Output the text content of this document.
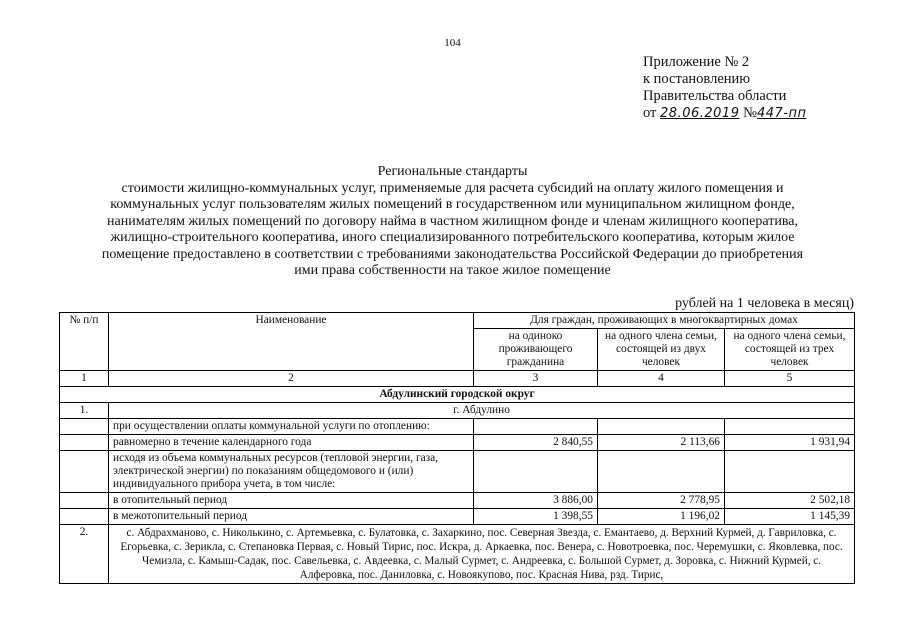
104
Приложение № 2
к постановлению
Правительства области
от 28.06.2019 №447-пп
Региональные стандарты
стоимости жилищно-коммунальных услуг, применяемые для расчета субсидий на оплату жилого помещения и
коммунальных услуг пользователям жилых помещений в государственном или муниципальном жилищном фонде,
нанимателям жилых помещений по договору найма в частном жилищном фонде и членам жилищного кооператива,
жилищно-строительного кооператива, иного специализированного потребительского кооператива, которым жилое
помещение предоставлено в соответствии с требованиями законодательства Российской Федерации до приобретения
ими права собственности на такое жилое помещение
рублей на 1 человека в месяц)
№ п/п	Наименование	Для граждан, проживающих в многоквартирных домах		
		на одиноко проживающего гражданина	на одного члена семьи, состоящей из двух человек	на одного члена семьи, состоящей из трех человек
1	2	3	4	5
Абдулинский городской округ				
1.	г. Абдулино			
	при осуществлении оплаты коммунальной услуги по отоплению:			
	равномерно в течение календарного года	2 840,55	2 113,66	1 931,94
	исходя из объема коммунальных ресурсов (тепловой энергии, газа, электрической энергии) по показаниям общедомового и (или) индивидуального прибора учета, в том числе:			
	в отопительный период	3 886,00	2 778,95	2 502,18
	в межотопительный период	1 398,55	1 196,02	1 145,39
2.	с. Абдрахманово, с. Николькино, с. Артемьевка, с. Булатовка, с. Захаркино, пос. Северная Звезда, с. Емантаево, д. Верхний Курмей, д. Гавриловка, с. Егорьевка, с. Зерикла, с. Степановка Первая, с. Новый Тирис, пос. Искра, д. Аркаевка, пос. Венера, с. Новотроевка, пос. Черемушки, с. Яковлевка, пос. Чемизла, с. Камыш-Садак, пос. Савельевка, с. Авдеевка, с. Малый Сурмет, с. Андреевка, с. Большой Сурмет, д. Зоровка, с. Нижний Курмей, с. Алферовка, пос. Даниловка, с. Новоякупово, пос. Красная Нива, рзд. Тирис,			
